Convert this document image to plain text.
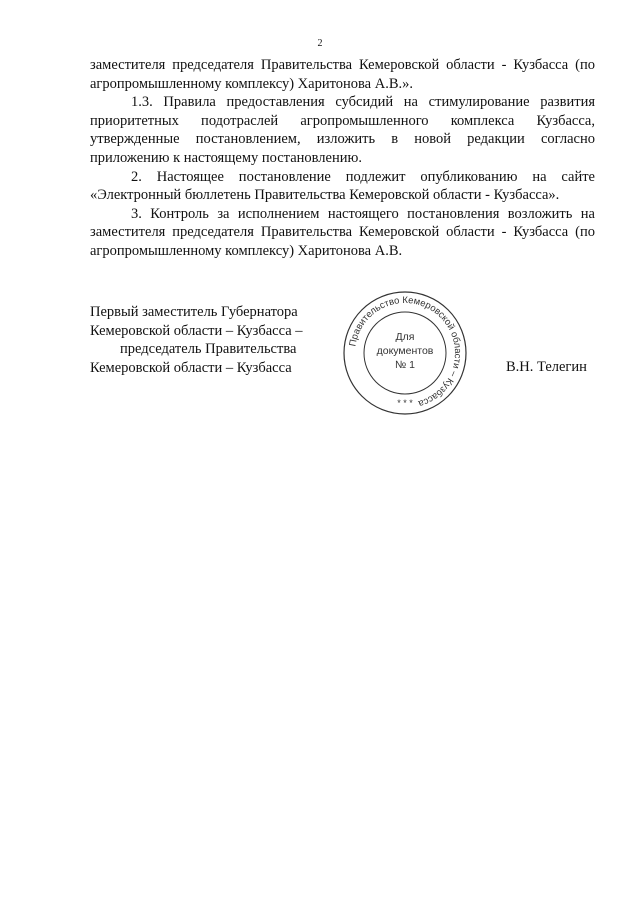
2

заместителя председателя Правительства Кемеровской области - Кузбасса (по агропромышленному комплексу) Харитонова А.В.».

1.3. Правила предоставления субсидий на стимулирование развития приоритетных подотраслей агропромышленного комплекса Кузбасса, утвержденные постановлением, изложить в новой редакции согласно приложению к настоящему постановлению.

2. Настоящее постановление подлежит опубликованию на сайте «Электронный бюллетень Правительства Кемеровской области - Кузбасса».

3. Контроль за исполнением настоящего постановления возложить на заместителя председателя Правительства Кемеровской области - Кузбасса (по агропромышленному комплексу) Харитонова А.В.

Первый заместитель Губернатора
Кемеровской области – Кузбасса –
председатель Правительства
Кемеровской области – Кузбасса
Правительство Кемеровской области – Кузбасса
Для
документов
№ 1
* * *
В.Н. Телегин
